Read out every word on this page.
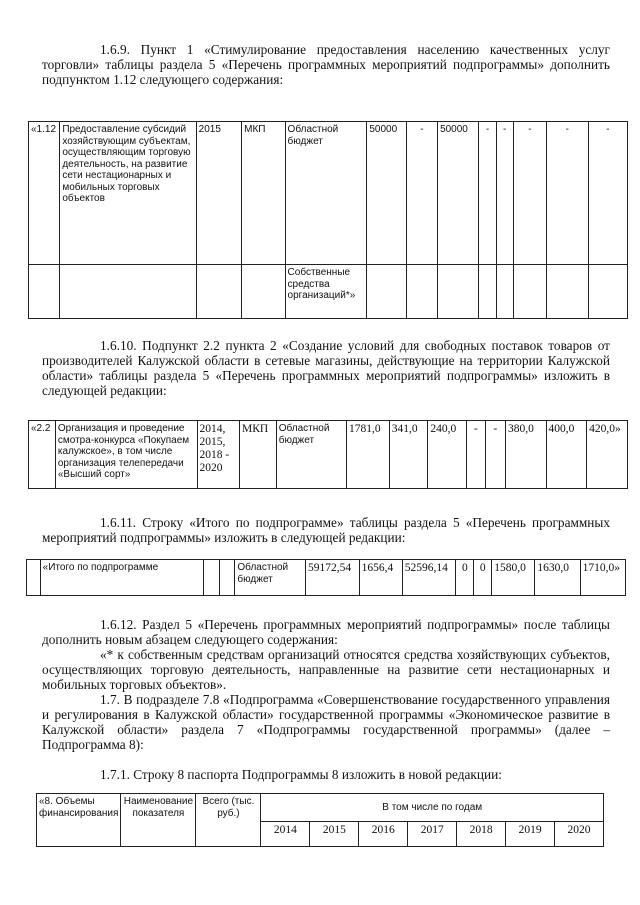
1.6.9. Пункт 1 «Стимулирование предоставления населению качественных услуг торговли» таблицы раздела 5 «Перечень программных мероприятий подпрограммы» дополнить подпунктом 1.12 следующего содержания:

«1.12	Предоставление субсидий хозяйствующим субъектам, осуществляющим торговую деятельность, на развитие сети нестационарных и мобильных торговых объектов	2015	МКП	Областной бюджет	50000	-	50000	-	-	-	-	-
				Собственные средства организаций*»								

1.6.10. Подпункт 2.2 пункта 2 «Создание условий для свободных поставок товаров от производителей Калужской области в сетевые магазины, действующие на территории Калужской области» таблицы раздела 5 «Перечень программных мероприятий подпрограммы» изложить в следующей редакции:

«2.2	Организация и проведение смотра-конкурса «Покупаем калужское», в том числе организация телепередачи «Высший сорт»	2014, 2015, 2018 - 2020	МКП	Областной бюджет	1781,0	341,0	240,0	-	-	380,0	400,0	420,0»

1.6.11. Строку «Итого по подпрограмме» таблицы раздела 5 «Перечень программных мероприятий подпрограммы» изложить в следующей редакции:

	«Итого по подпрограмме			Областной бюджет	59172,54	1656,4	52596,14	0	0	1580,0	1630,0	1710,0»

1.6.12. Раздел 5 «Перечень программных мероприятий подпрограммы» после таблицы дополнить новым абзацем следующего содержания:

«* к собственным средствам организаций относятся средства хозяйствующих субъектов, осуществляющих торговую деятельность, направленные на развитие сети нестационарных и мобильных торговых объектов».

1.7. В подразделе 7.8 «Подпрограмма «Совершенствование государственного управления и регулирования в Калужской области» государственной программы «Экономическое развитие в Калужской области» раздела 7 «Подпрограммы государственной программы» (далее – Подпрограмма 8):

1.7.1. Строку 8 паспорта Подпрограммы 8 изложить в новой редакции:

«8. Объемы финансирования	Наименование показателя	Всего (тыс. руб.)	В том числе по годам						
			2014	2015	2016	2017	2018	2019	2020
